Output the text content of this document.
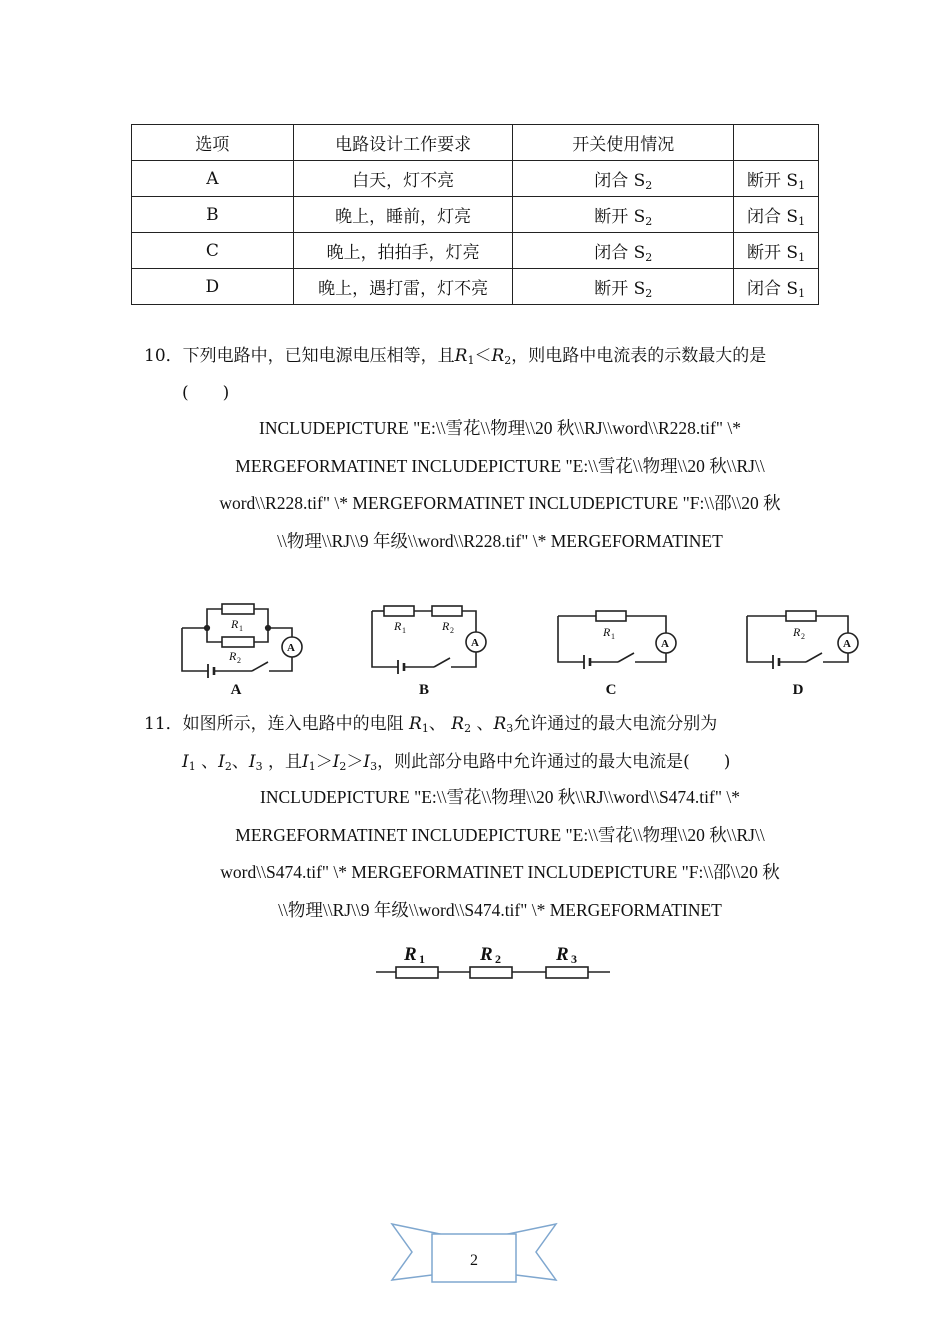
选项	电路设计工作要求	开关使用情况	
A	白天，灯不亮	闭合 $S_2$	断开 $S_1$
B	晚上，睡前，灯亮	断开 $S_2$	闭合 $S_1$
C	晚上，拍拍手，灯亮	闭合 $S_2$	断开 $S_1$
D	晚上，遇打雷，灯不亮	断开 $S_2$	闭合 $S_1$
10．下列电路中，已知电源电压相等，且$R_1<R_2$，则电路中电流表的示数最大的是
(　　)
INCLUDEPICTURE "E:\\雪花\\物理\\20 秋\\RJ\\word\\R228.tif" \*
MERGEFORMATINET INCLUDEPICTURE "E:\\雪花\\物理\\20 秋\\RJ\\
word\\R228.tif" \* MERGEFORMATINET INCLUDEPICTURE "F:\\邵\\20 秋
\\物理\\RJ\\9 年级\\word\\R228.tif" \* MERGEFORMATINET
R 1
R 2
A
R 1	R 2
A
R 1
A
R 2
A
A	B	C	D
11．如图所示，连入电路中的电阻 $R_1$、 $R_2$ 、$R_3$允许通过的最大电流分别为
$I_1$ 、$I_2$、$I_3$ ，且$I_1>I_2>I_3$，则此部分电路中允许通过的最大电流是(　　)
INCLUDEPICTURE "E:\\雪花\\物理\\20 秋\\RJ\\word\\S474.tif" \*
MERGEFORMATINET INCLUDEPICTURE "E:\\雪花\\物理\\20 秋\\RJ\\
word\\S474.tif" \* MERGEFORMATINET INCLUDEPICTURE "F:\\邵\\20 秋
\\物理\\RJ\\9 年级\\word\\S474.tif" \* MERGEFORMATINET
R 1	R 2	R 3
2
